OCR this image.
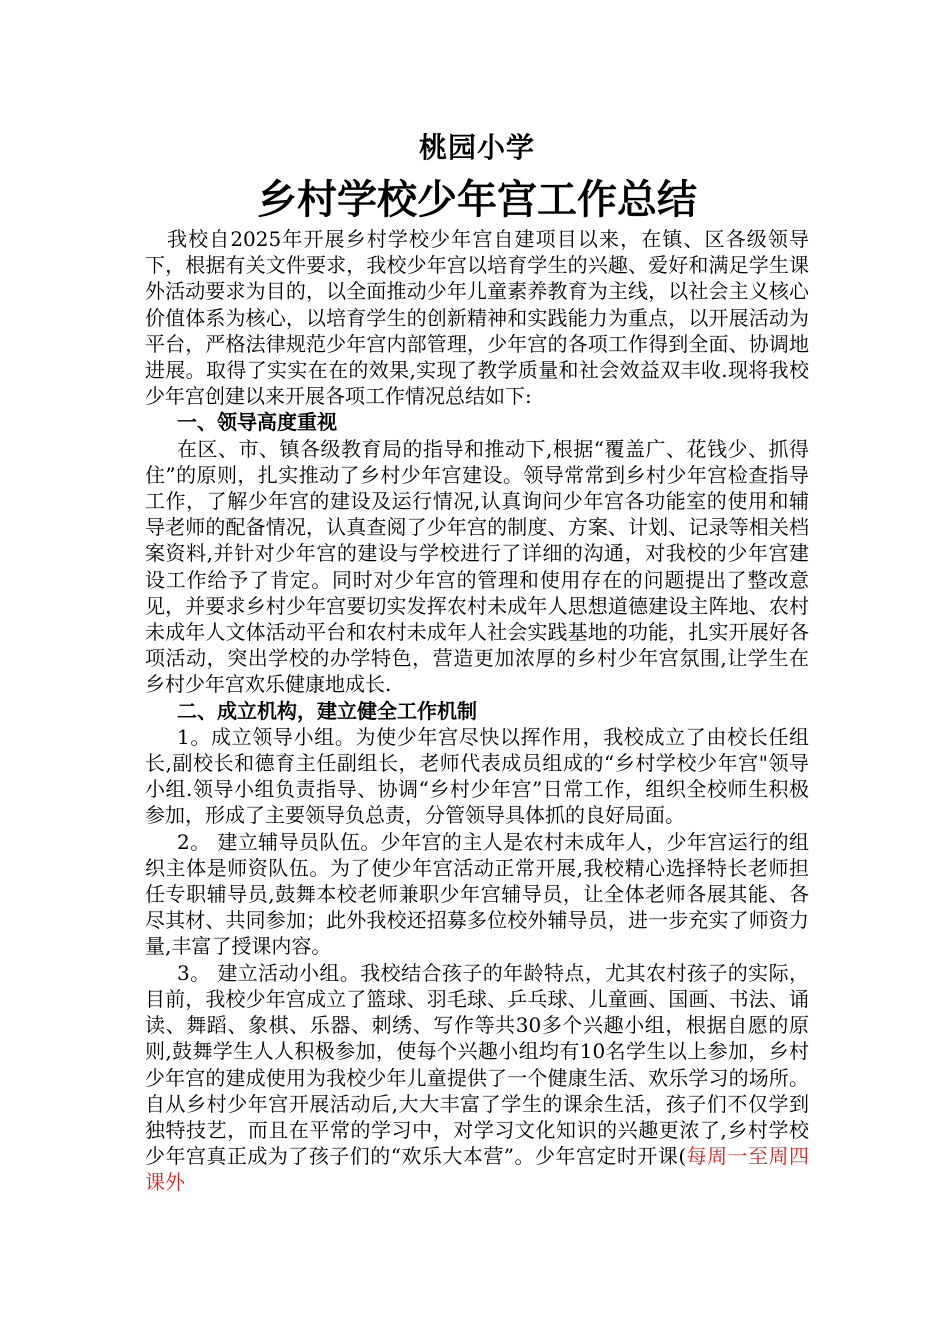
桃园小学
乡村学校少年宫工作总结

我校自2025年开展乡村学校少年宫自建项目以来，在镇、区各级领导下，根据有关文件要求，我校少年宫以培育学生的兴趣、爱好和满足学生课外活动要求为目的，以全面推动少年儿童素养教育为主线，以社会主义核心价值体系为核心，以培育学生的创新精神和实践能力为重点，以开展活动为平台，严格法律规范少年宫内部管理，少年宫的各项工作得到全面、协调地进展。取得了实实在在的效果,实现了教学质量和社会效益双丰收.现将我校少年宫创建以来开展各项工作情况总结如下:

一、领导高度重视

在区、市、镇各级教育局的指导和推动下,根据“覆盖广、花钱少、抓得住”的原则，扎实推动了乡村少年宫建设。领导常常到乡村少年宫检查指导工作，了解少年宫的建设及运行情况,认真询问少年宫各功能室的使用和辅导老师的配备情况，认真查阅了少年宫的制度、方案、计划、记录等相关档案资料,并针对少年宫的建设与学校进行了详细的沟通，对我校的少年宫建设工作给予了肯定。同时对少年宫的管理和使用存在的问题提出了整改意见，并要求乡村少年宫要切实发挥农村未成年人思想道德建设主阵地、农村未成年人文体活动平台和农村未成年人社会实践基地的功能，扎实开展好各项活动，突出学校的办学特色，营造更加浓厚的乡村少年宫氛围,让学生在乡村少年宫欢乐健康地成长.

二、成立机构，建立健全工作机制

1。成立领导小组。为使少年宫尽快以挥作用，我校成立了由校长任组长,副校长和德育主任副组长，老师代表成员组成的“乡村学校少年宫"领导小组.领导小组负责指导、协调“乡村少年宫”日常工作，组织全校师生积极参加，形成了主要领导负总责，分管领导具体抓的良好局面。

2。 建立辅导员队伍。少年宫的主人是农村未成年人，少年宫运行的组织主体是师资队伍。为了使少年宫活动正常开展,我校精心选择特长老师担任专职辅导员,鼓舞本校老师兼职少年宫辅导员，让全体老师各展其能、各尽其材、共同参加；此外我校还招募多位校外辅导员，进一步充实了师资力量,丰富了授课内容。

3。 建立活动小组。我校结合孩子的年龄特点，尤其农村孩子的实际，目前，我校少年宫成立了篮球、羽毛球、乒乓球、儿童画、国画、书法、诵读、舞蹈、象棋、乐器、刺绣、写作等共30多个兴趣小组，根据自愿的原则,鼓舞学生人人积极参加，使每个兴趣小组均有10名学生以上参加，乡村少年宫的建成使用为我校少年儿童提供了一个健康生活、欢乐学习的场所。自从乡村少年宫开展活动后,大大丰富了学生的课余生活，孩子们不仅学到独特技艺，而且在平常的学习中，对学习文化知识的兴趣更浓了,乡村学校少年宫真正成为了孩子们的“欢乐大本营”。少年宫定时开课(每周一至周四课外
